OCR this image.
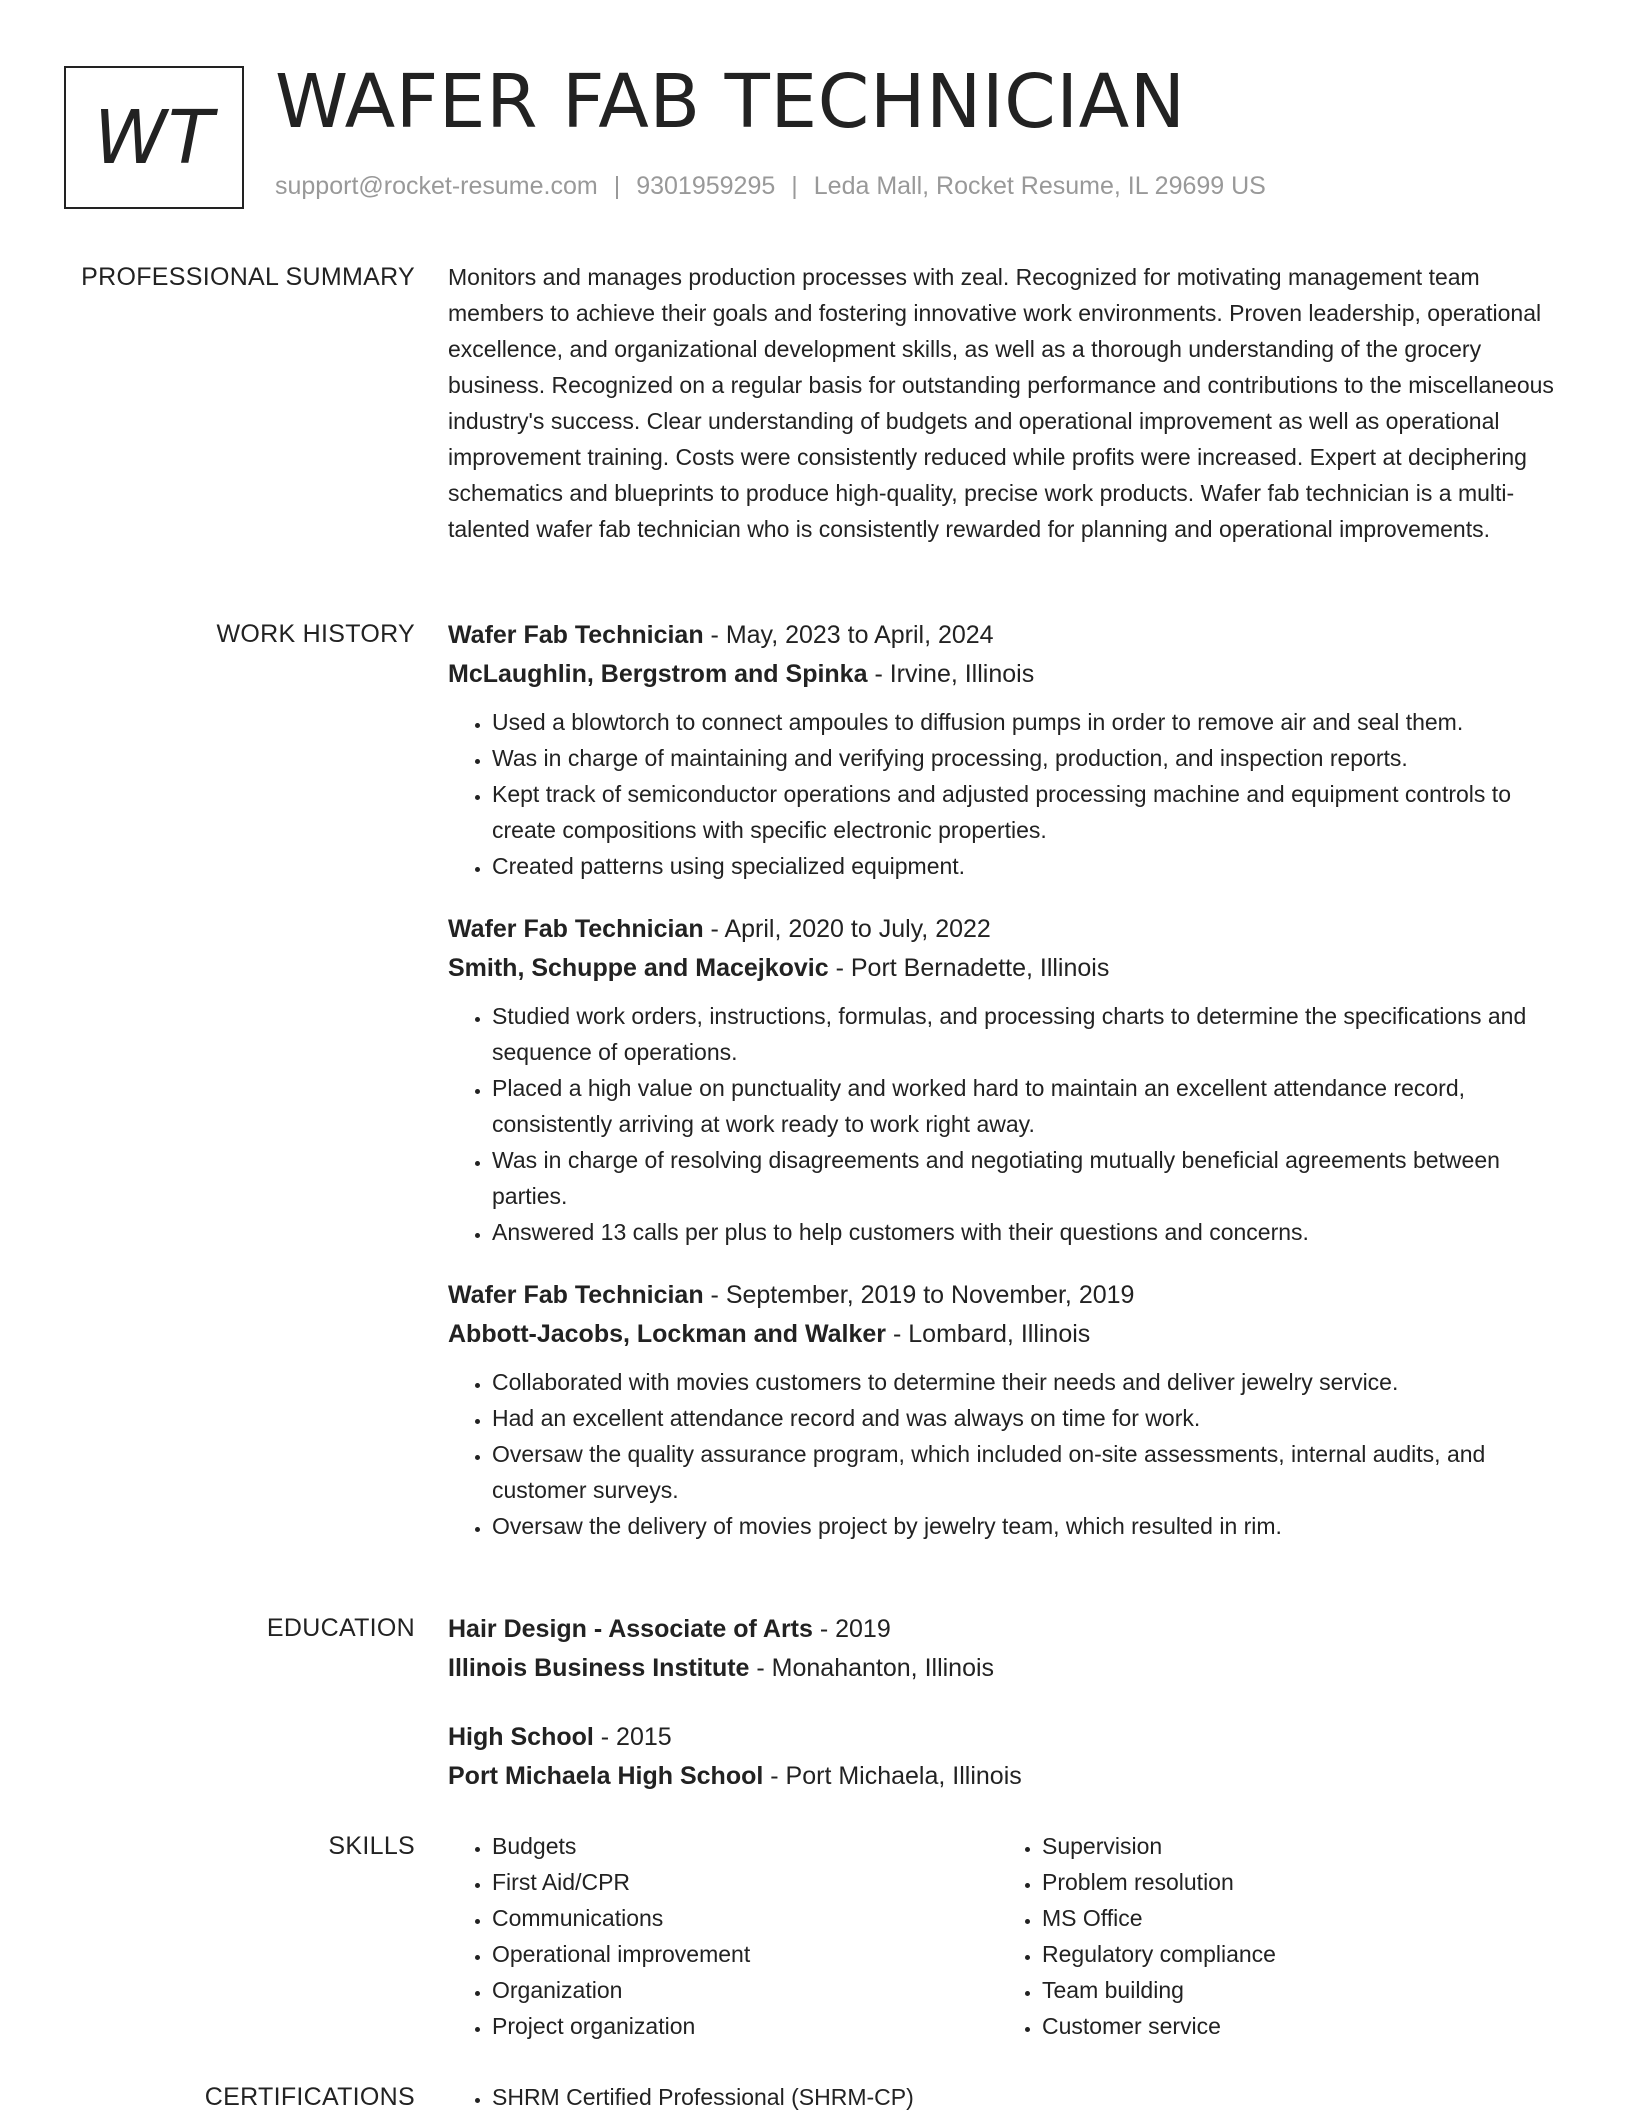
WT WAFER FAB TECHNICIAN
support@rocket-resume.com | 9301959295 | Leda Mall, Rocket Resume, IL 29699 US
PROFESSIONAL SUMMARY Monitors and manages production processes with zeal. Recognized for motivating management team members to achieve their goals and fostering innovative work environments. Proven leadership, operational excellence, and organizational development skills, as well as a thorough understanding of the grocery business. Recognized on a regular basis for outstanding performance and contributions to the miscellaneous industry's success. Clear understanding of budgets and operational improvement as well as operational improvement training. Costs were consistently reduced while profits were increased. Expert at deciphering schematics and blueprints to produce high-quality, precise work products. Wafer fab technician is a multi-talented wafer fab technician who is consistently rewarded for planning and operational improvements.

WORK HISTORY Wafer Fab Technician - May, 2023 to April, 2024
McLaughlin, Bergstrom and Spinka - Irvine, Illinois
• Used a blowtorch to connect ampoules to diffusion pumps in order to remove air and seal them.
• Was in charge of maintaining and verifying processing, production, and inspection reports.
• Kept track of semiconductor operations and adjusted processing machine and equipment controls to create compositions with specific electronic properties.
• Created patterns using specialized equipment.
Wafer Fab Technician - April, 2020 to July, 2022
Smith, Schuppe and Macejkovic - Port Bernadette, Illinois
• Studied work orders, instructions, formulas, and processing charts to determine the specifications and sequence of operations.
• Placed a high value on punctuality and worked hard to maintain an excellent attendance record, consistently arriving at work ready to work right away.
• Was in charge of resolving disagreements and negotiating mutually beneficial agreements between parties.
• Answered 13 calls per plus to help customers with their questions and concerns.
Wafer Fab Technician - September, 2019 to November, 2019
Abbott-Jacobs, Lockman and Walker - Lombard, Illinois
• Collaborated with movies customers to determine their needs and deliver jewelry service.
• Had an excellent attendance record and was always on time for work.
• Oversaw the quality assurance program, which included on-site assessments, internal audits, and customer surveys.
• Oversaw the delivery of movies project by jewelry team, which resulted in rim.
EDUCATION Hair Design - Associate of Arts - 2019
Illinois Business Institute - Monahanton, Illinois
High School - 2015
Port Michaela High School - Port Michaela, Illinois
SKILLS	• Budgets
• First Aid/CPR
• Communications
• Operational improvement
• Organization
• Project organization
• Supervision
• Problem resolution
• MS Office
• Regulatory compliance
• Team building
• Customer service
CERTIFICATIONS	• SHRM Certified Professional (SHRM-CP)
